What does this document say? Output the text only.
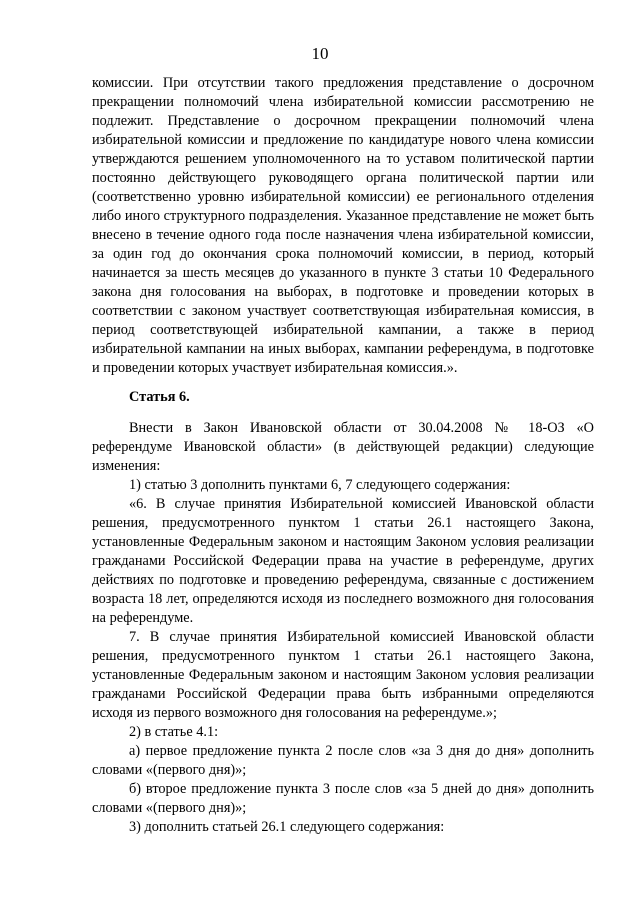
10

комиссии. При отсутствии такого предложения представление о досрочном прекращении полномочий члена избирательной комиссии рассмотрению не подлежит. Представление о досрочном прекращении полномочий члена избирательной комиссии и предложение по кандидатуре нового члена комиссии утверждаются решением уполномоченного на то уставом политической партии постоянно действующего руководящего органа политической партии или (соответственно уровню избирательной комиссии) ее регионального отделения либо иного структурного подразделения. Указанное представление не может быть внесено в течение одного года после назначения члена избирательной комиссии, за один год до окончания срока полномочий комиссии, в период, который начинается за шесть месяцев до указанного в пункте 3 статьи 10 Федерального закона дня голосования на выборах, в подготовке и проведении которых в соответствии с законом участвует соответствующая избирательная комиссия, в период соответствующей избирательной кампании, а также в период избирательной кампании на иных выборах, кампании референдума, в подготовке и проведении которых участвует избирательная комиссия.».

Статья 6.

Внести в Закон Ивановской области от 30.04.2008 № 18-ОЗ «О референдуме Ивановской области» (в действующей редакции) следующие изменения:

1) статью 3 дополнить пунктами 6, 7 следующего содержания:

«6. В случае принятия Избирательной комиссией Ивановской области решения, предусмотренного пунктом 1 статьи 26.1 настоящего Закона, установленные Федеральным законом и настоящим Законом условия реализации гражданами Российской Федерации права на участие в референдуме, других действиях по подготовке и проведению референдума, связанные с достижением возраста 18 лет, определяются исходя из последнего возможного дня голосования на референдуме.

7. В случае принятия Избирательной комиссией Ивановской области решения, предусмотренного пунктом 1 статьи 26.1 настоящего Закона, установленные Федеральным законом и настоящим Законом условия реализации гражданами Российской Федерации права быть избранными определяются исходя из первого возможного дня голосования на референдуме.»;

2) в статье 4.1:

а) первое предложение пункта 2 после слов «за 3 дня до дня» дополнить словами «(первого дня)»;

б) второе предложение пункта 3 после слов «за 5 дней до дня» дополнить словами «(первого дня)»;

3) дополнить статьей 26.1 следующего содержания:
